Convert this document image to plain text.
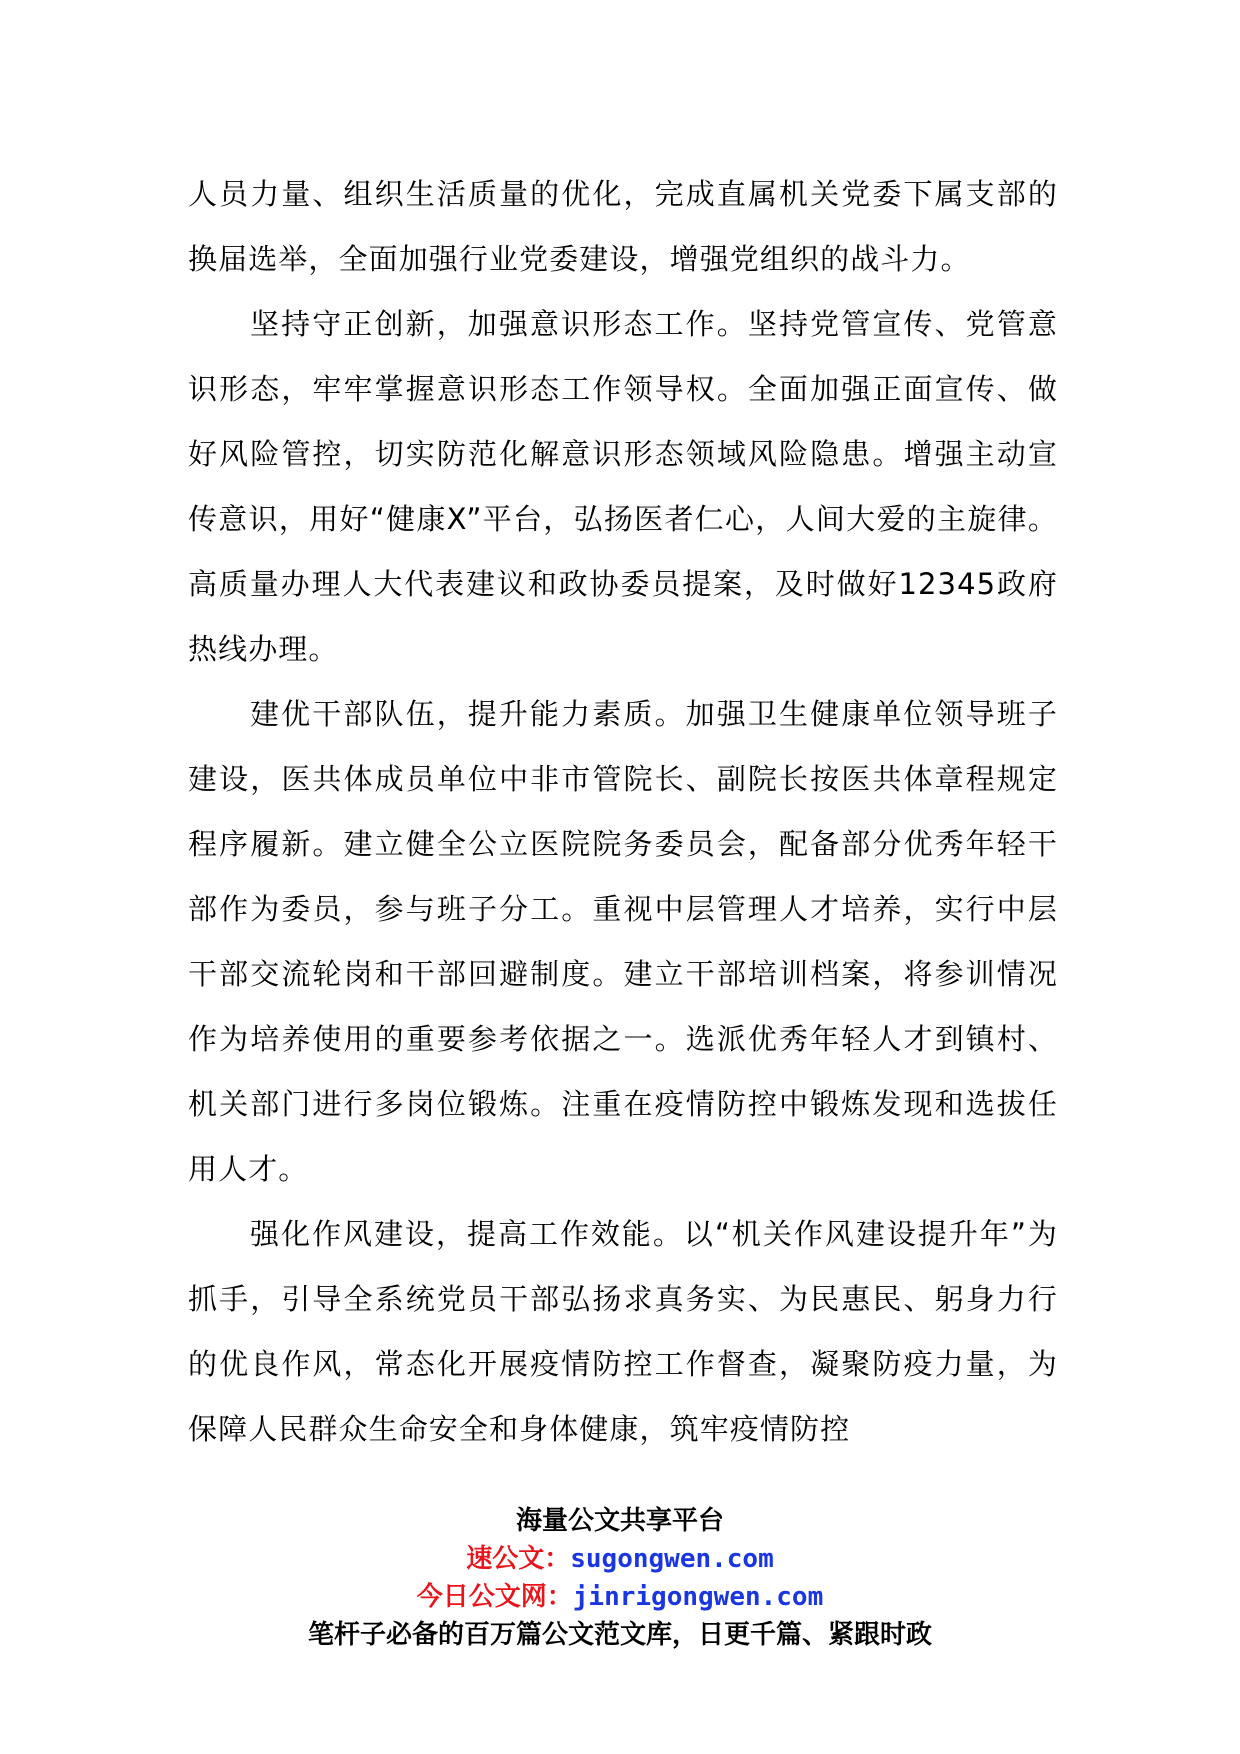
人员力量、组织生活质量的优化，完成直属机关党委下属支部的换届选举，全面加强行业党委建设，增强党组织的战斗力。

坚持守正创新，加强意识形态工作。坚持党管宣传、党管意识形态，牢牢掌握意识形态工作领导权。全面加强正面宣传、做好风险管控，切实防范化解意识形态领域风险隐患。增强主动宣传意识，用好“健康X”平台，弘扬医者仁心，人间大爱的主旋律。高质量办理人大代表建议和政协委员提案，及时做好12345政府热线办理。

建优干部队伍，提升能力素质。加强卫生健康单位领导班子建设，医共体成员单位中非市管院长、副院长按医共体章程规定程序履新。建立健全公立医院院务委员会，配备部分优秀年轻干部作为委员，参与班子分工。重视中层管理人才培养，实行中层干部交流轮岗和干部回避制度。建立干部培训档案，将参训情况作为培养使用的重要参考依据之一。选派优秀年轻人才到镇村、机关部门进行多岗位锻炼。注重在疫情防控中锻炼发现和选拔任用人才。

强化作风建设，提高工作效能。以“机关作风建设提升年”为抓手，引导全系统党员干部弘扬求真务实、为民惠民、躬身力行的优良作风，常态化开展疫情防控工作督查，凝聚防疫力量，为保障人民群众生命安全和身体健康，筑牢疫情防控

海量公文共享平台
速公文：sugongwen.com
今日公文网：jinrigongwen.com
笔杆子必备的百万篇公文范文库，日更千篇、紧跟时政
